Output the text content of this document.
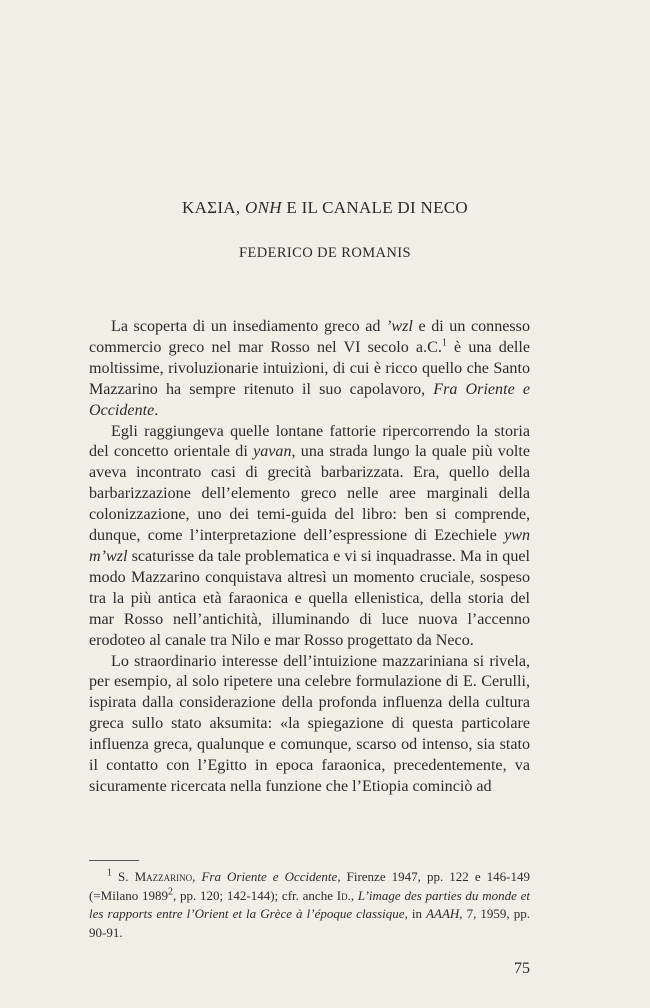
ΚΑΣΙΑ, ΟΝΗ E IL CANALE DI NECO
FEDERICO DE ROMANIS

La scoperta di un insediamento greco ad ’wzl e di un connesso commercio greco nel mar Rosso nel VI secolo a.C.$^1$ è una delle moltissime, rivoluzionarie intuizioni, di cui è ricco quello che Santo Mazzarino ha sempre ritenuto il suo capolavoro, Fra Oriente e Occidente.

Egli raggiungeva quelle lontane fattorie ripercorrendo la storia del concetto orientale di yavan, una strada lungo la quale più volte aveva incontrato casi di grecità barbarizzata. Era, quello della barbarizzazione dell’elemento greco nelle aree marginali della colonizzazione, uno dei temi-guida del libro: ben si comprende, dunque, come l’interpretazione dell’espressione di Ezechiele ywn m’wzl scaturisse da tale problematica e vi si inquadrasse. Ma in quel modo Mazzarino conquistava altresì un momento cruciale, sospeso tra la più antica età faraonica e quella ellenistica, della storia del mar Rosso nell’antichità, illuminando di luce nuova l’accenno erodoteo al canale tra Nilo e mar Rosso progettato da Neco.

Lo straordinario interesse dell’intuizione mazzariniana si rivela, per esempio, al solo ripetere una celebre formulazione di E. Cerulli, ispirata dalla considerazione della profonda influenza della cultura greca sullo stato aksumita: «la spiegazione di questa particolare influenza greca, qualunque e comunque, scarso od intenso, sia stato il contatto con l’Egitto in epoca faraonica, precedentemente, va sicuramente ricercata nella funzione che l’Etiopia cominciò ad

$^1$ S. Mazzarino, Fra Oriente e Occidente, Firenze 1947, pp. 122 e 146-149 (=Milano 1989$^2$, pp. 120; 142-144); cfr. anche Id., L’image des parties du monde et les rapports entre l’Orient et la Grèce à l’époque classique, in AAAH, 7, 1959, pp. 90-91.
75
